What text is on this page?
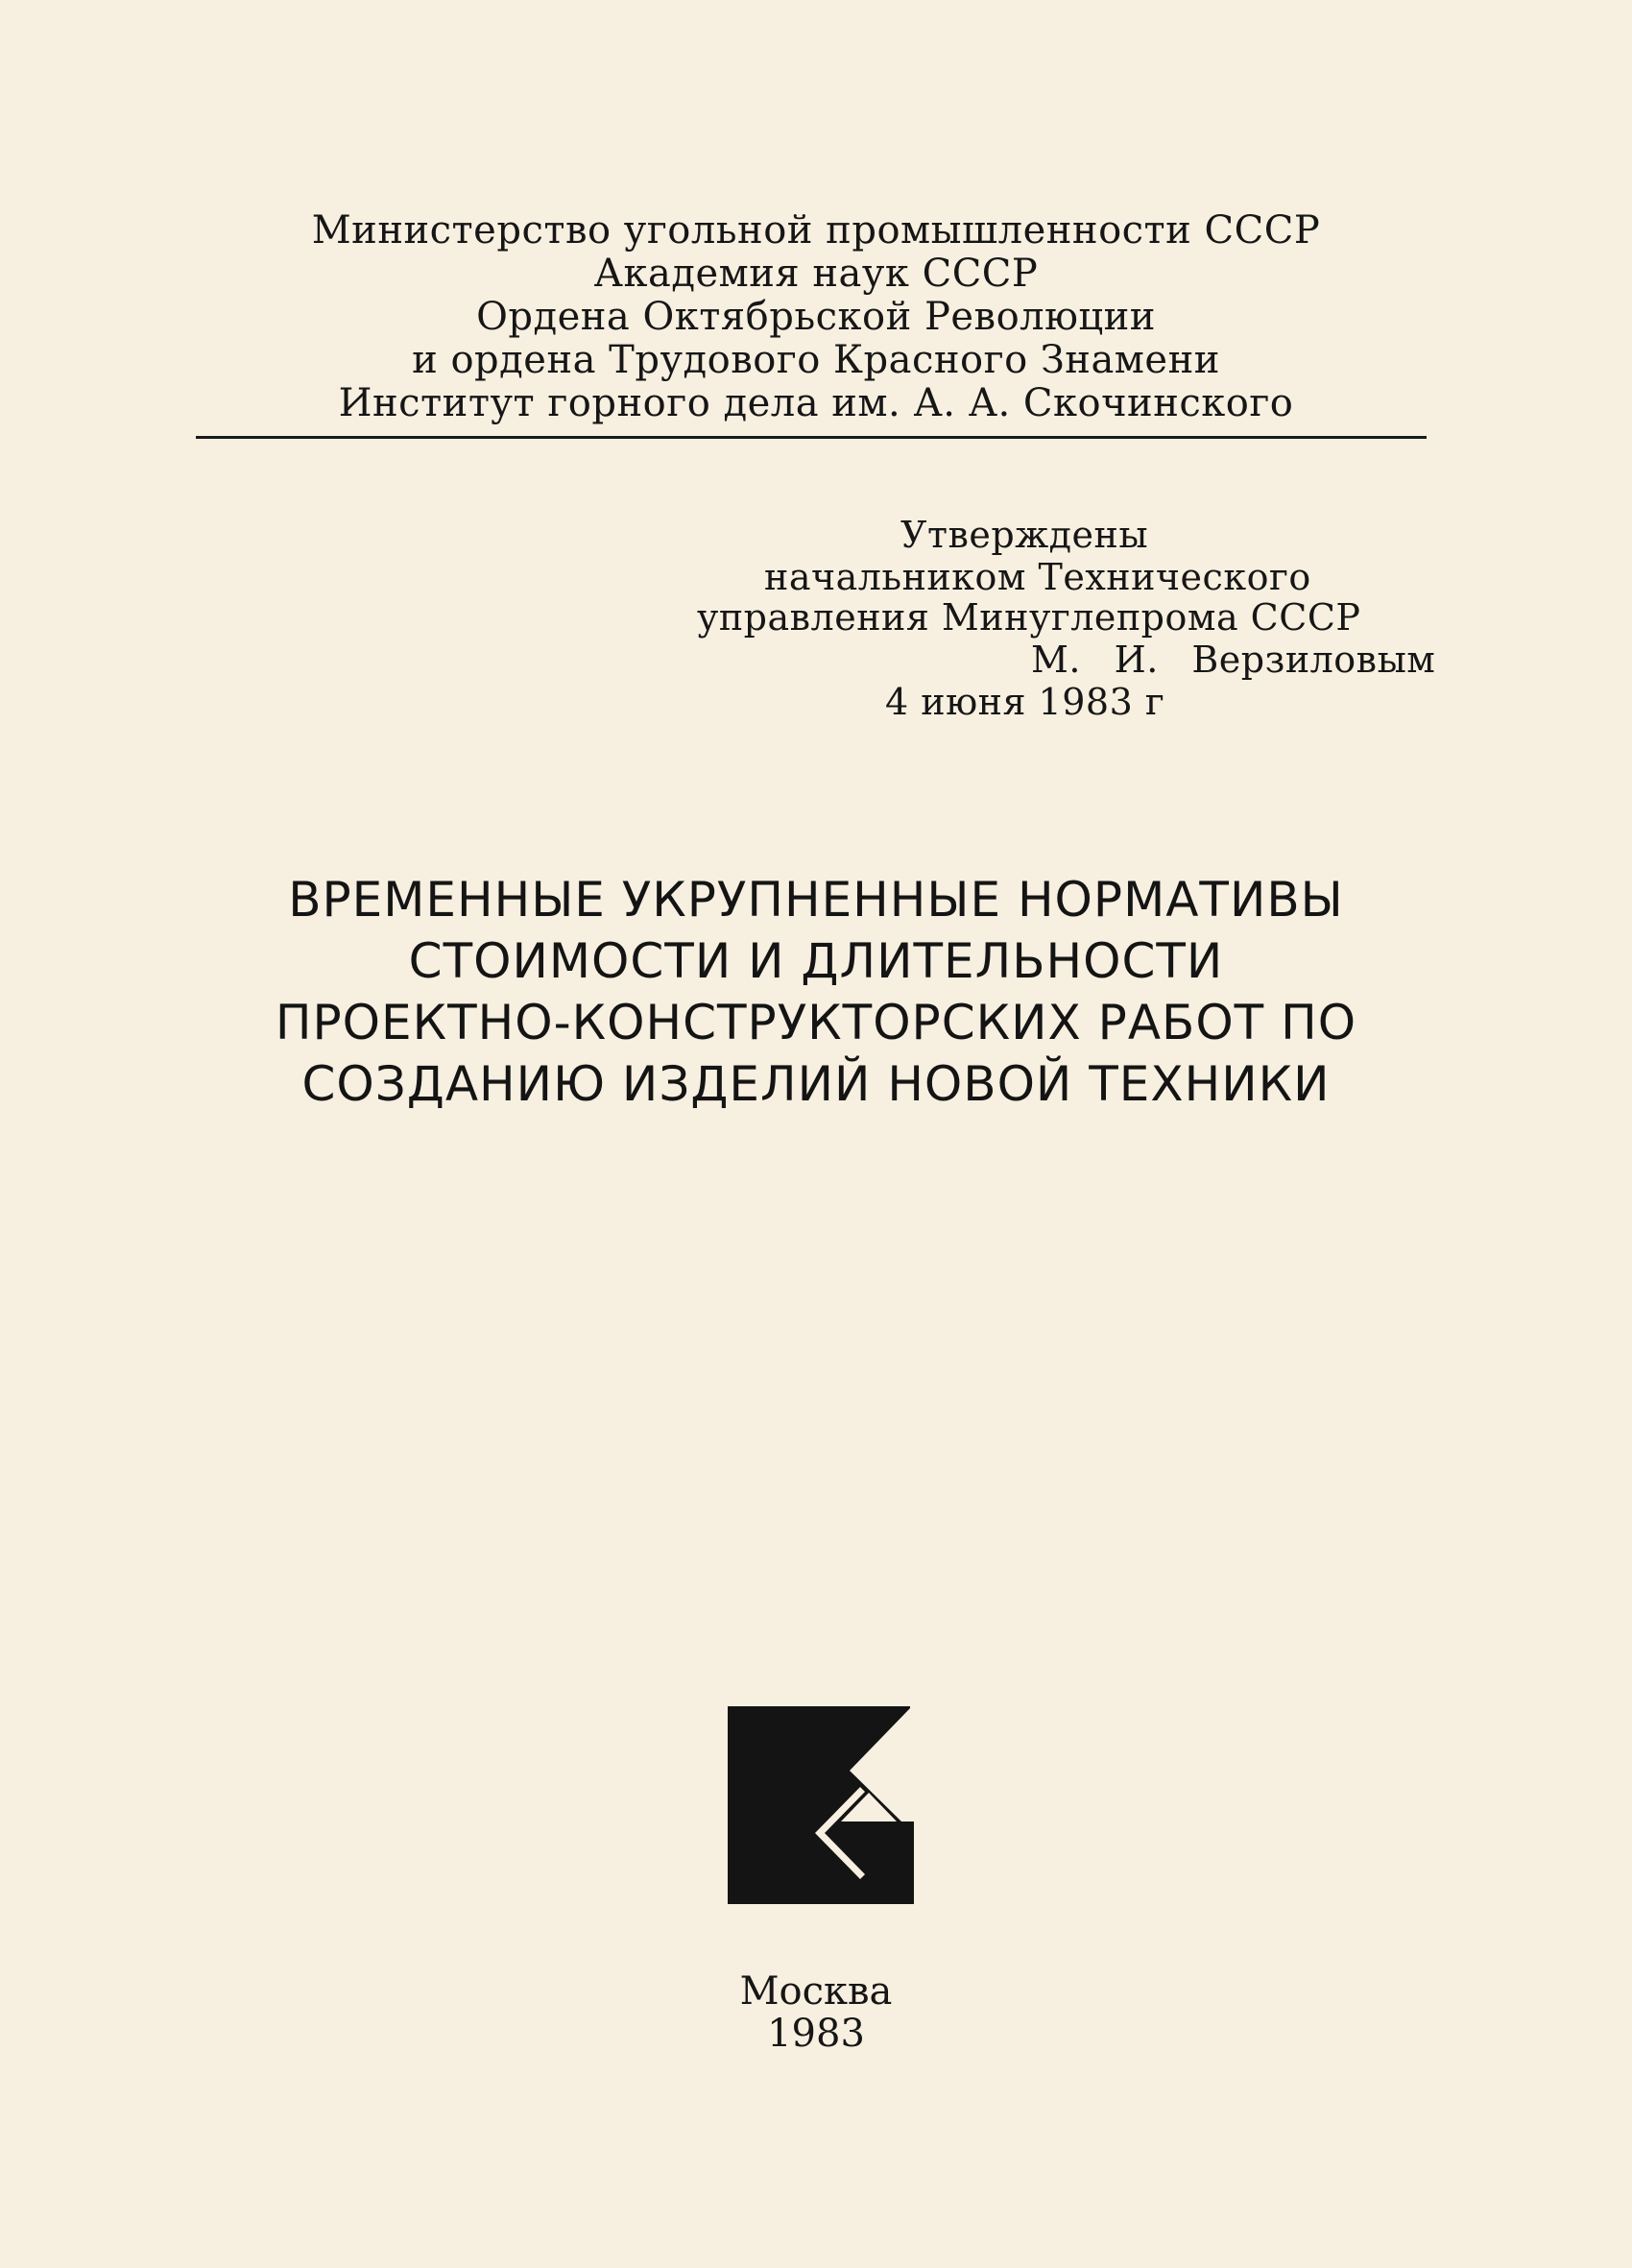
Министерство угольной промышленности СССР
Академия наук СССР
Ордена Октябрьской Революции
и ордена Трудового Красного Знамени
Институт горного дела им. А. А. Скочинского
Утверждены
начальником Технического
управления Минуглепрома СССР
М. И. Верзиловым
4 июня 1983 г
ВРЕМЕННЫЕ УКРУПНЕННЫЕ НОРМАТИВЫ
СТОИМОСТИ И ДЛИТЕЛЬНОСТИ
ПРОЕКТНО-КОНСТРУКТОРСКИХ РАБОТ ПО
СОЗДАНИЮ ИЗДЕЛИЙ НОВОЙ ТЕХНИКИ
Москва
1983
